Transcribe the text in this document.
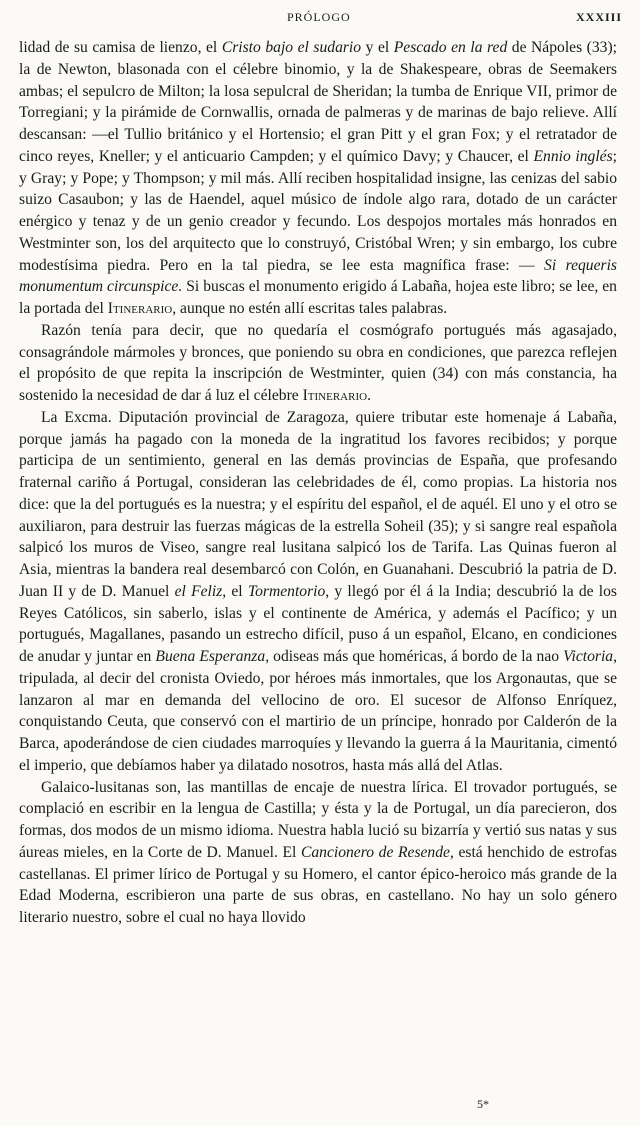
PRÓLOGO	XXXIII

lidad de su camisa de lienzo, el Cristo bajo el sudario y el Pescado en la red de Nápoles (33); la de Newton, blasonada con el célebre binomio, y la de Shakespeare, obras de Seemakers ambas; el sepulcro de Milton; la losa sepulcral de Sheridan; la tumba de Enrique VII, primor de Torregiani; y la pirámide de Cornwallis, ornada de palmeras y de marinas de bajo relieve. Allí descansan: —el Tullio británico y el Hortensio; el gran Pitt y el gran Fox; y el retratador de cinco reyes, Kneller; y el anticuario Campden; y el químico Davy; y Chaucer, el Ennio inglés; y Gray; y Pope; y Thompson; y mil más. Allí reciben hospitalidad insigne, las cenizas del sabio suizo Casaubon; y las de Haendel, aquel músico de índole algo rara, dotado de un carácter enérgico y tenaz y de un genio creador y fecundo. Los despojos mortales más honrados en Westminter son, los del arquitecto que lo construyó, Cristóbal Wren; y sin embargo, los cubre modestísima piedra. Pero en la tal piedra, se lee esta magnífica frase: — Si requeris monumentum circunspice. Si buscas el monumento erigido á Labaña, hojea este libro; se lee, en la portada del Itinerario, aunque no estén allí escritas tales palabras.

Razón tenía para decir, que no quedaría el cosmógrafo portugués más agasajado, consagrándole mármoles y bronces, que poniendo su obra en condiciones, que parezca reflejen el propósito de que repita la inscripción de Westminter, quien (34) con más constancia, ha sostenido la necesidad de dar á luz el célebre Itinerario.

La Excma. Diputación provincial de Zaragoza, quiere tributar este homenaje á Labaña, porque jamás ha pagado con la moneda de la ingratitud los favores recibidos; y porque participa de un sentimiento, general en las demás provincias de España, que profesando fraternal cariño á Portugal, consideran las celebridades de él, como propias. La historia nos dice: que la del portugués es la nuestra; y el espíritu del español, el de aquél. El uno y el otro se auxiliaron, para destruir las fuerzas mágicas de la estrella Soheil (35); y si sangre real española salpicó los muros de Viseo, sangre real lusitana salpicó los de Tarifa. Las Quinas fueron al Asia, mientras la bandera real desembarcó con Colón, en Guanahani. Descubrió la patria de D. Juan II y de D. Manuel el Feliz, el Tormentorio, y llegó por él á la India; descubrió la de los Reyes Católicos, sin saberlo, islas y el continente de América, y además el Pacífico; y un portugués, Magallanes, pasando un estrecho difícil, puso á un español, Elcano, en condiciones de anudar y juntar en Buena Esperanza, odiseas más que homéricas, á bordo de la nao Victoria, tripulada, al decir del cronista Oviedo, por héroes más inmortales, que los Argonautas, que se lanzaron al mar en demanda del vellocino de oro. El sucesor de Alfonso Enríquez, conquistando Ceuta, que conservó con el martirio de un príncipe, honrado por Calderón de la Barca, apoderándose de cien ciudades marroquíes y llevando la guerra á la Mauritania, cimentó el imperio, que debíamos haber ya dilatado nosotros, hasta más allá del Atlas.

Galaico-lusitanas son, las mantillas de encaje de nuestra lírica. El trovador portugués, se complació en escribir en la lengua de Castilla; y ésta y la de Portugal, un día parecieron, dos formas, dos modos de un mismo idioma. Nuestra habla lució su bizarría y vertió sus natas y sus áureas mieles, en la Corte de D. Manuel. El Cancionero de Resende, está henchido de estrofas castellanas. El primer lírico de Portugal y su Homero, el cantor épico-heroico más grande de la Edad Moderna, escribieron una parte de sus obras, en castellano. No hay un solo género literario nuestro, sobre el cual no haya llovido

5*
